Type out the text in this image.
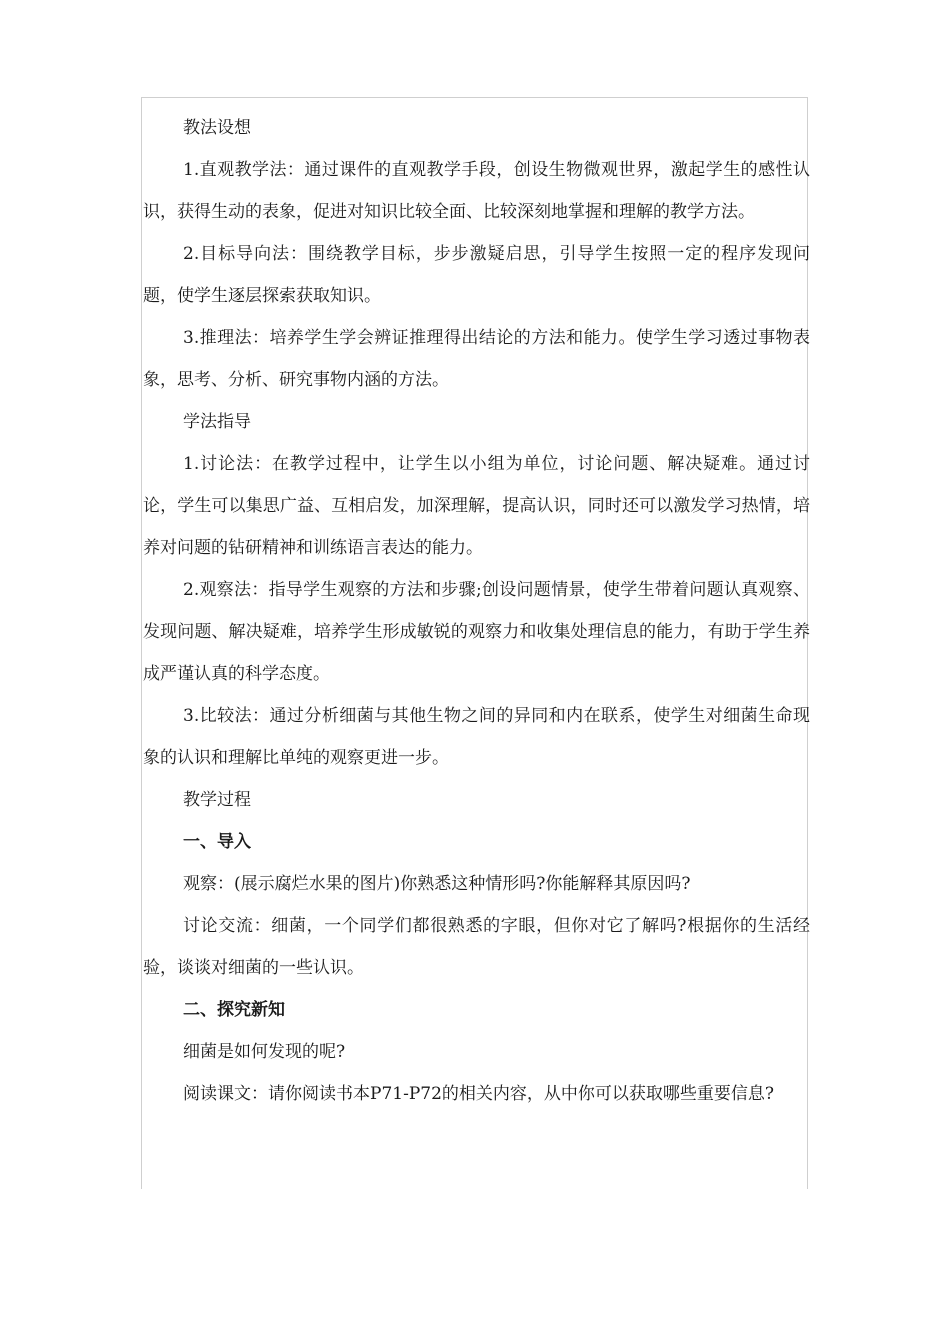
教法设想

1.直观教学法：通过课件的直观教学手段，创设生物微观世界，激起学生的感性认识，获得生动的表象，促进对知识比较全面、比较深刻地掌握和理解的教学方法。

2.目标导向法：围绕教学目标，步步激疑启思，引导学生按照一定的程序发现问题，使学生逐层探索获取知识。

3.推理法：培养学生学会辨证推理得出结论的方法和能力。使学生学习透过事物表象，思考、分析、研究事物内涵的方法。

学法指导

1.讨论法：在教学过程中，让学生以小组为单位，讨论问题、解决疑难。通过讨论，学生可以集思广益、互相启发，加深理解，提高认识，同时还可以激发学习热情，培养对问题的钻研精神和训练语言表达的能力。

2.观察法：指导学生观察的方法和步骤;创设问题情景，使学生带着问题认真观察、发现问题、解决疑难，培养学生形成敏锐的观察力和收集处理信息的能力，有助于学生养成严谨认真的科学态度。

3.比较法：通过分析细菌与其他生物之间的异同和内在联系，使学生对细菌生命现象的认识和理解比单纯的观察更进一步。

教学过程

一、导入

观察：(展示腐烂水果的图片)你熟悉这种情形吗?你能解释其原因吗?

讨论交流：细菌，一个同学们都很熟悉的字眼，但你对它了解吗?根据你的生活经验，谈谈对细菌的一些认识。

二、探究新知

细菌是如何发现的呢?

阅读课文：请你阅读书本P71-P72的相关内容，从中你可以获取哪些重要信息?
